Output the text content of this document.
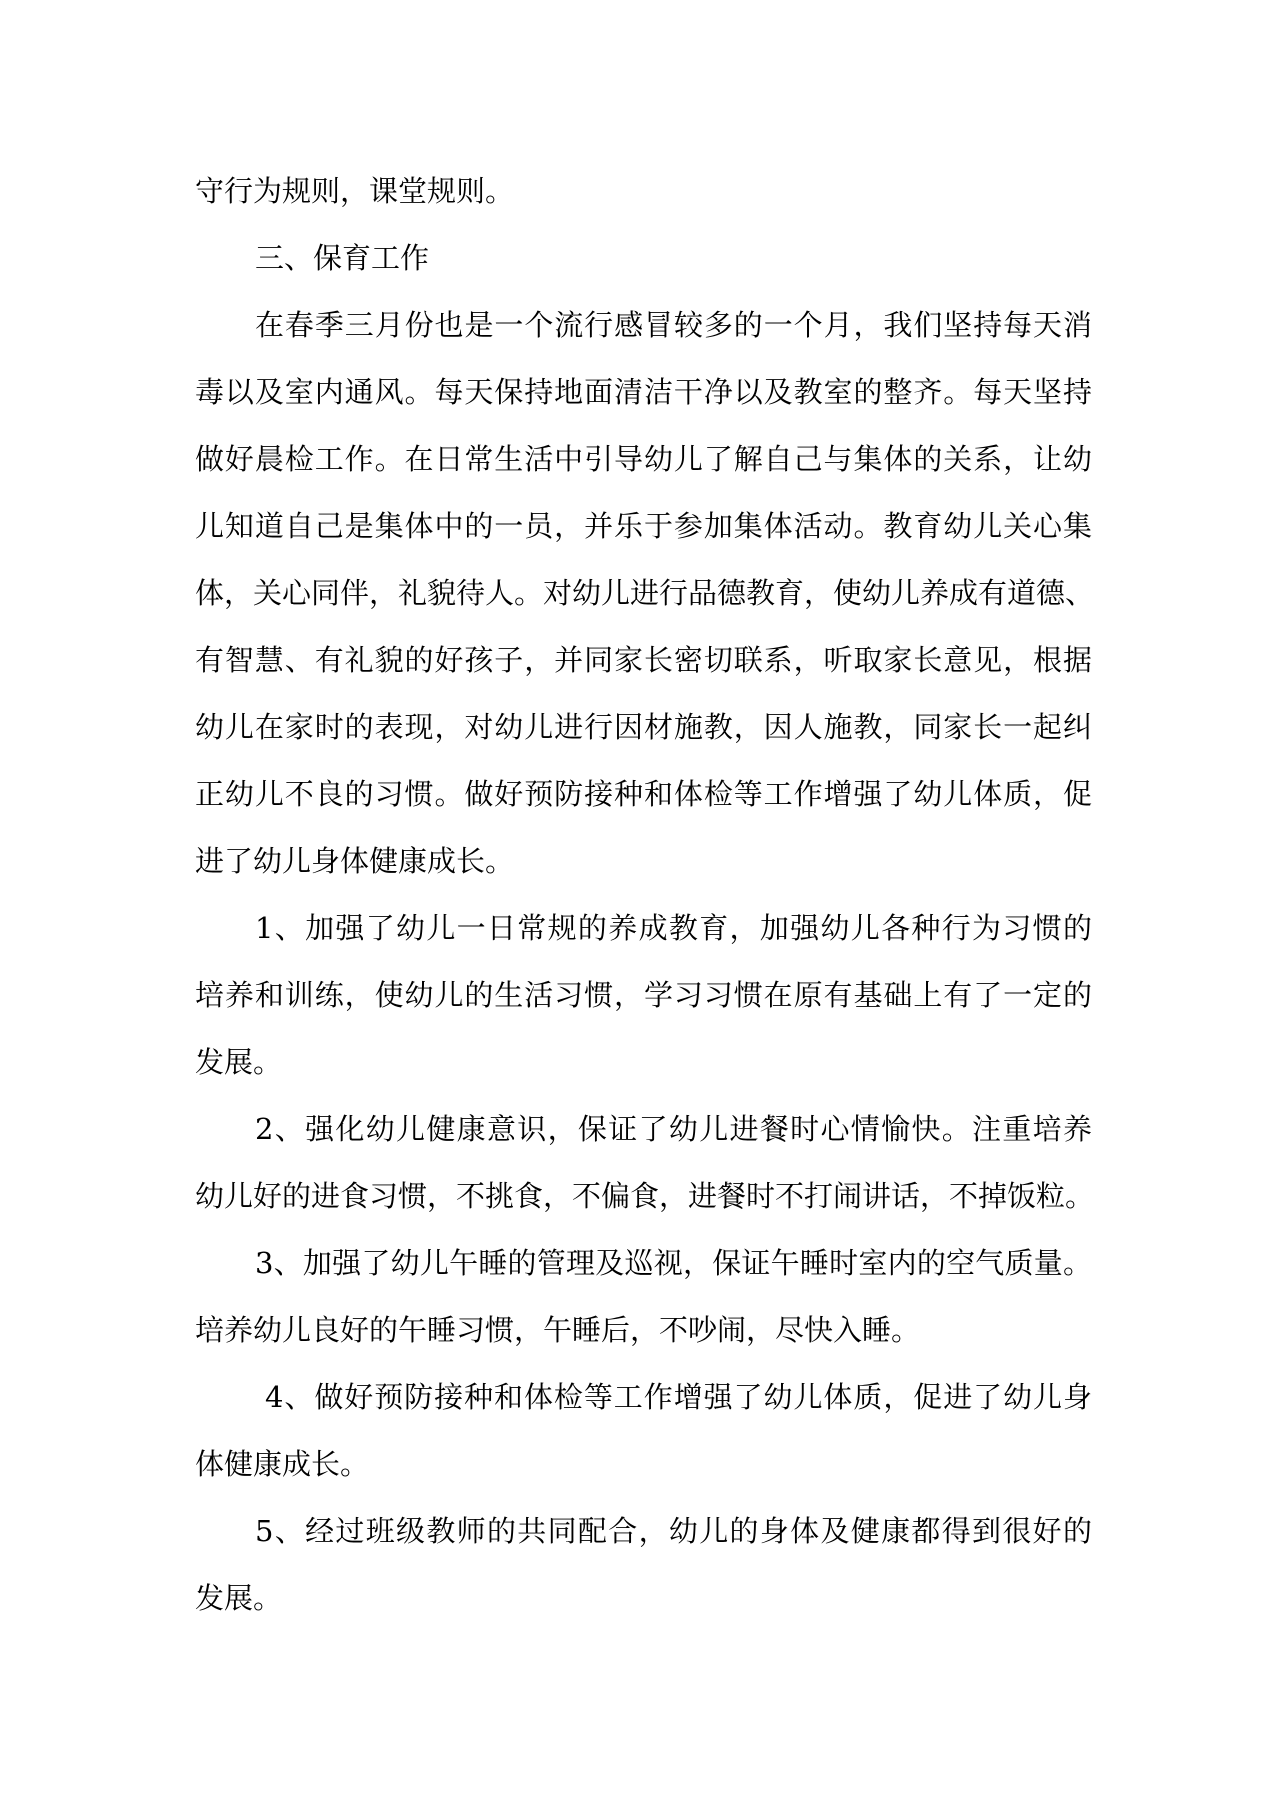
守行为规则，课堂规则。
三、保育工作
在春季三月份也是一个流行感冒较多的一个月，我们坚持每天消
毒以及室内通风。每天保持地面清洁干净以及教室的整齐。每天坚持
做好晨检工作。在日常生活中引导幼儿了解自己与集体的关系，让幼
儿知道自己是集体中的一员，并乐于参加集体活动。教育幼儿关心集
体，关心同伴，礼貌待人。对幼儿进行品德教育，使幼儿养成有道德、
有智慧、有礼貌的好孩子，并同家长密切联系，听取家长意见，根据
幼儿在家时的表现，对幼儿进行因材施教，因人施教，同家长一起纠
正幼儿不良的习惯。做好预防接种和体检等工作增强了幼儿体质，促
进了幼儿身体健康成长。
1、加强了幼儿一日常规的养成教育，加强幼儿各种行为习惯的
培养和训练，使幼儿的生活习惯，学习习惯在原有基础上有了一定的
发展。
2、强化幼儿健康意识，保证了幼儿进餐时心情愉快。注重培养
幼儿好的进食习惯，不挑食，不偏食，进餐时不打闹讲话，不掉饭粒。
3、加强了幼儿午睡的管理及巡视，保证午睡时室内的空气质量。
培养幼儿良好的午睡习惯，午睡后，不吵闹，尽快入睡。
4、做好预防接种和体检等工作增强了幼儿体质，促进了幼儿身
体健康成长。
5、经过班级教师的共同配合，幼儿的身体及健康都得到很好的
发展。
